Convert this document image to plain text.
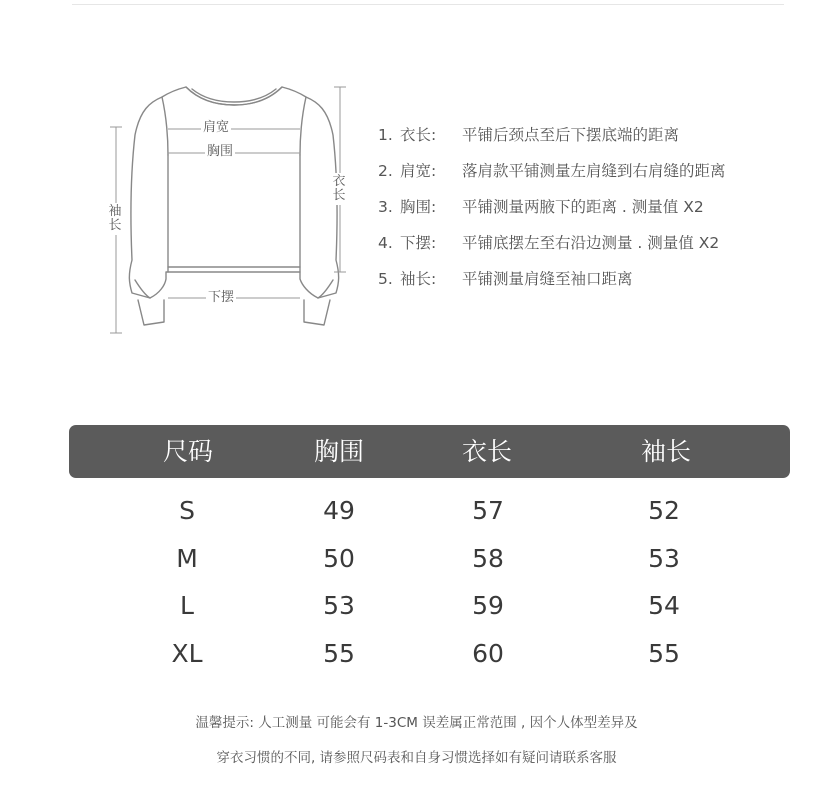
肩宽
胸围
下摆
衣长
袖长
1. 衣长:	平铺后颈点至后下摆底端的距离
2. 肩宽:	落肩款平铺测量左肩缝到右肩缝的距离
3. 胸围:	平铺测量两腋下的距离 . 测量值 X2
4. 下摆:	平铺底摆左至右沿边测量 . 测量值 X2
5. 袖长:	平铺测量肩缝至袖口距离
尺码	胸围	衣长	袖长
S	49	57	52
M	50	58	53
L	53	59	54
XL	55	60	55
温馨提示: 人工测量 可能会有 1-3CM 误差属正常范围 , 因个人体型差异及
穿衣习惯的不同, 请参照尺码表和自身习惯选择如有疑问请联系客服
